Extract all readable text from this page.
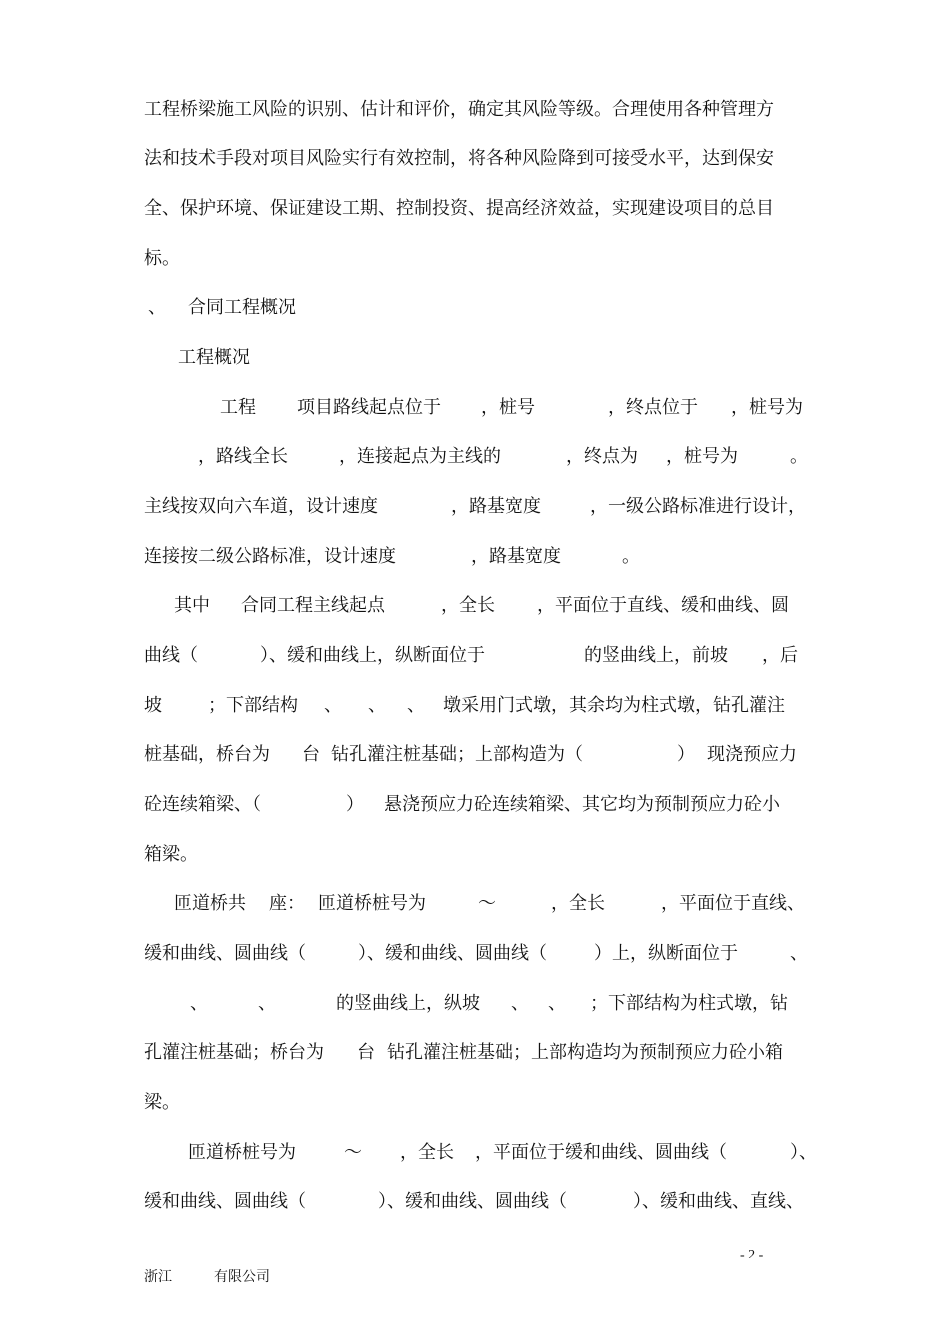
工程桥梁施工风险的识别、估计和评价，确定其风险等级。合理使用各种管理方
法和技术手段对项目风险实行有效控制，将各种风险降到可接受水平，达到保安
全、保护环境、保证建设工期、控制投资、提高经济效益，实现建设项目的总目
标。
、 合同工程概况
工程概况
工程 项目路线起点位于 ，桩号	，终点位于 ，桩号为
，路线全长	，连接起点为主线的	，终点为 ，桩号为	。
主线按双向六车道，设计速度	，路基宽度	，一级公路标准进行设计，
连接按二级公路标准，设计速度	，路基宽度	。
其中 合同工程主线起点	，全长 ，平面位于直线、缓和曲线、圆
曲线（	）、缓和曲线上，纵断面位于	的竖曲线上，前坡 ，后
坡	；下部结构 、 、 、 墩采用门式墩，其余均为柱式墩，钻孔灌注
桩基础，桥台为 台 钻孔灌注桩基础；上部构造为（	） 现浇预应力
砼连续箱梁、（	） 悬浇预应力砼连续箱梁、其它均为预制预应力砼小
箱梁。
匝道桥共 座： 匝道桥桩号为	～	，全长	，平面位于直线、
缓和曲线、圆曲线（	）、缓和曲线、圆曲线（	）上，纵断面位于	、
、	、	的竖曲线上，纵坡 、 、 ；下部结构为柱式墩，钻
孔灌注桩基础；桥台为 台 钻孔灌注桩基础；上部构造均为预制预应力砼小箱
梁。
匝道桥桩号为	～ ，全长 ，平面位于缓和曲线、圆曲线（	）、
缓和曲线、圆曲线（	）、缓和曲线、圆曲线（	）、缓和曲线、直线、
- 2 -
浙江	有限公司
